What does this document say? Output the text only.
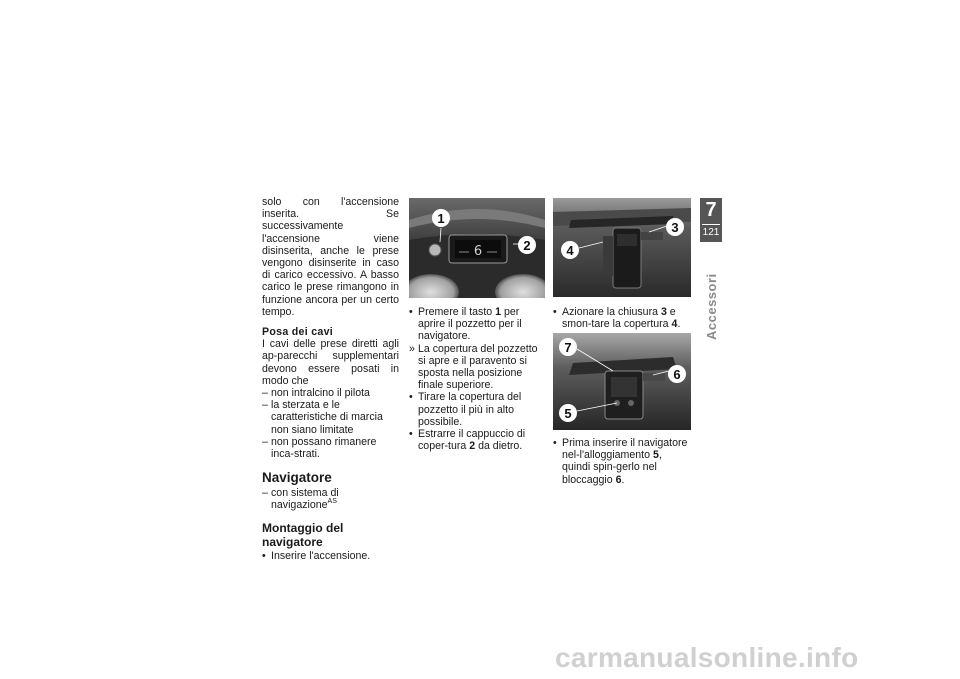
solo con l'accensione inserita. Se successivamente l'accensione viene disinserita, anche le prese vengono disinserite in caso di carico eccessivo. A basso carico le prese rimangono in funzione ancora per un certo tempo.

Posa dei cavi

I cavi delle prese diretti agli ap-parecchi supplementari devono essere posati in modo che

– non intralcino il pilota
– la sterzata e le caratteristiche di marcia non siano limitate
– non possano rimanere inca-strati.

Navigatore

– con sistema di navigazione$^{AS}$

Montaggio del navigatore

• Inserire l'accensione.
6
1
2
3
4
• Premere il tasto 1 per aprire il pozzetto per il navigatore.
» La copertura del pozzetto si apre e il paravento si sposta nella posizione finale superiore.
• Tirare la copertura del pozzetto il più in alto possibile.
• Estrarre il cappuccio di coper-tura 2 da dietro.
• Azionare la chiusura 3 e smon-tare la copertura 4.
7
6
5
• Prima inserire il navigatore nel-l'alloggiamento 5, quindi spin-gerlo nel bloccaggio 6.
7
121
Accessori
carmanualsonline.info
